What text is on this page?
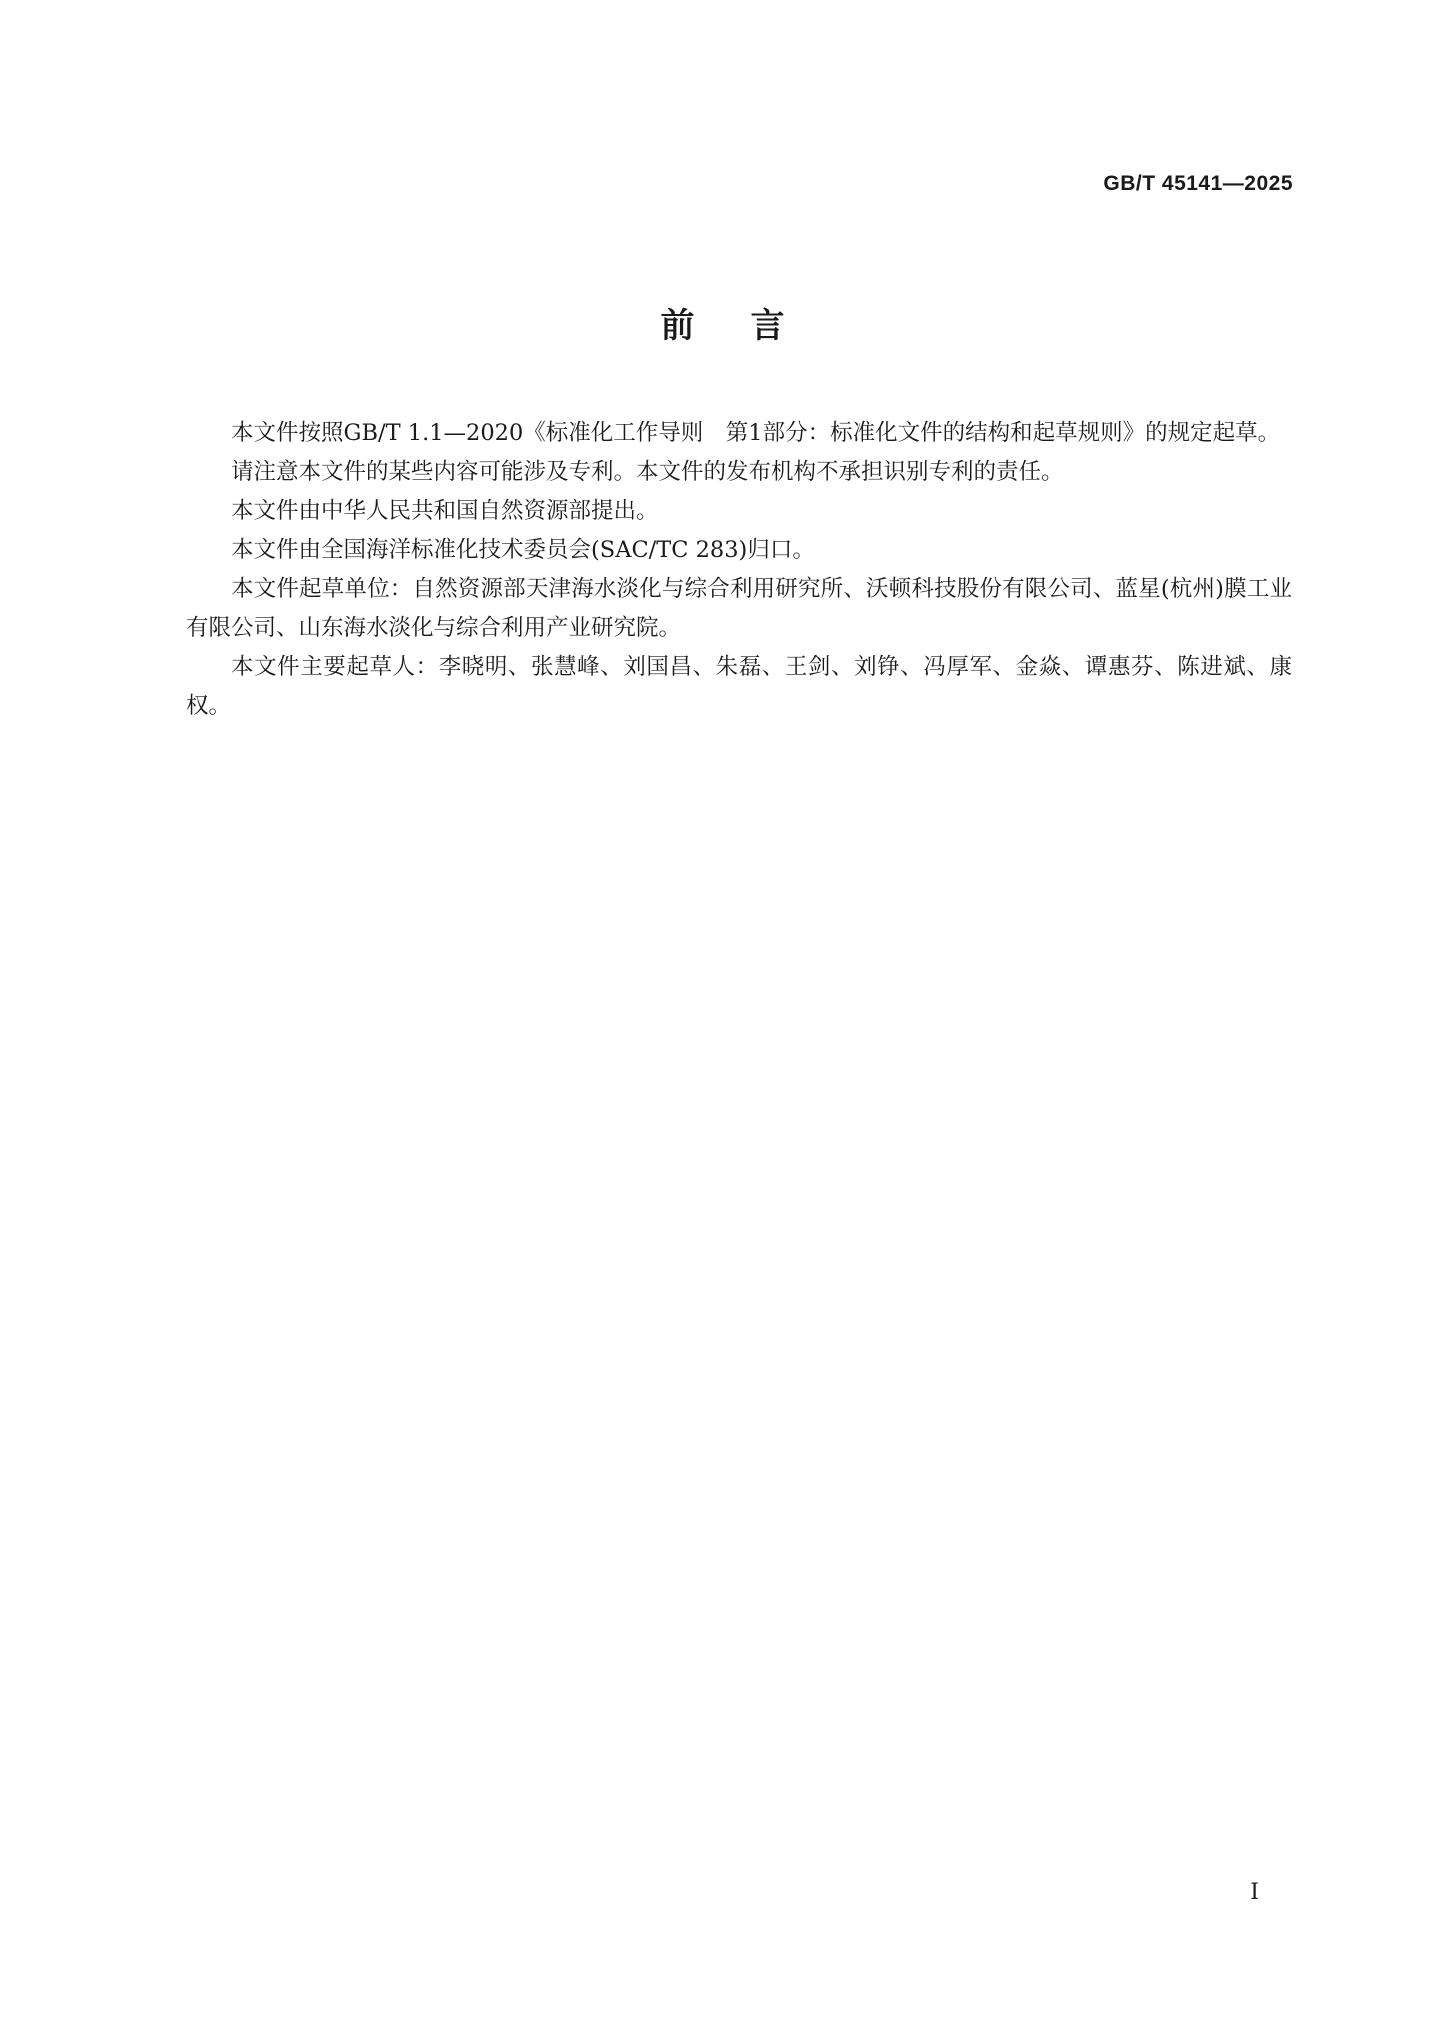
GB/T 45141—2025
前言

本文件按照GB/T 1.1—2020《标准化工作导则　第1部分：标准化文件的结构和起草规则》的规定起草。

请注意本文件的某些内容可能涉及专利。本文件的发布机构不承担识别专利的责任。

本文件由中华人民共和国自然资源部提出。

本文件由全国海洋标准化技术委员会(SAC/TC 283)归口。

本文件起草单位：自然资源部天津海水淡化与综合利用研究所、沃顿科技股份有限公司、蓝星(杭州)膜工业有限公司、山东海水淡化与综合利用产业研究院。

本文件主要起草人：李晓明、张慧峰、刘国昌、朱磊、王剑、刘铮、冯厚军、金焱、谭惠芬、陈进斌、康权。

I
